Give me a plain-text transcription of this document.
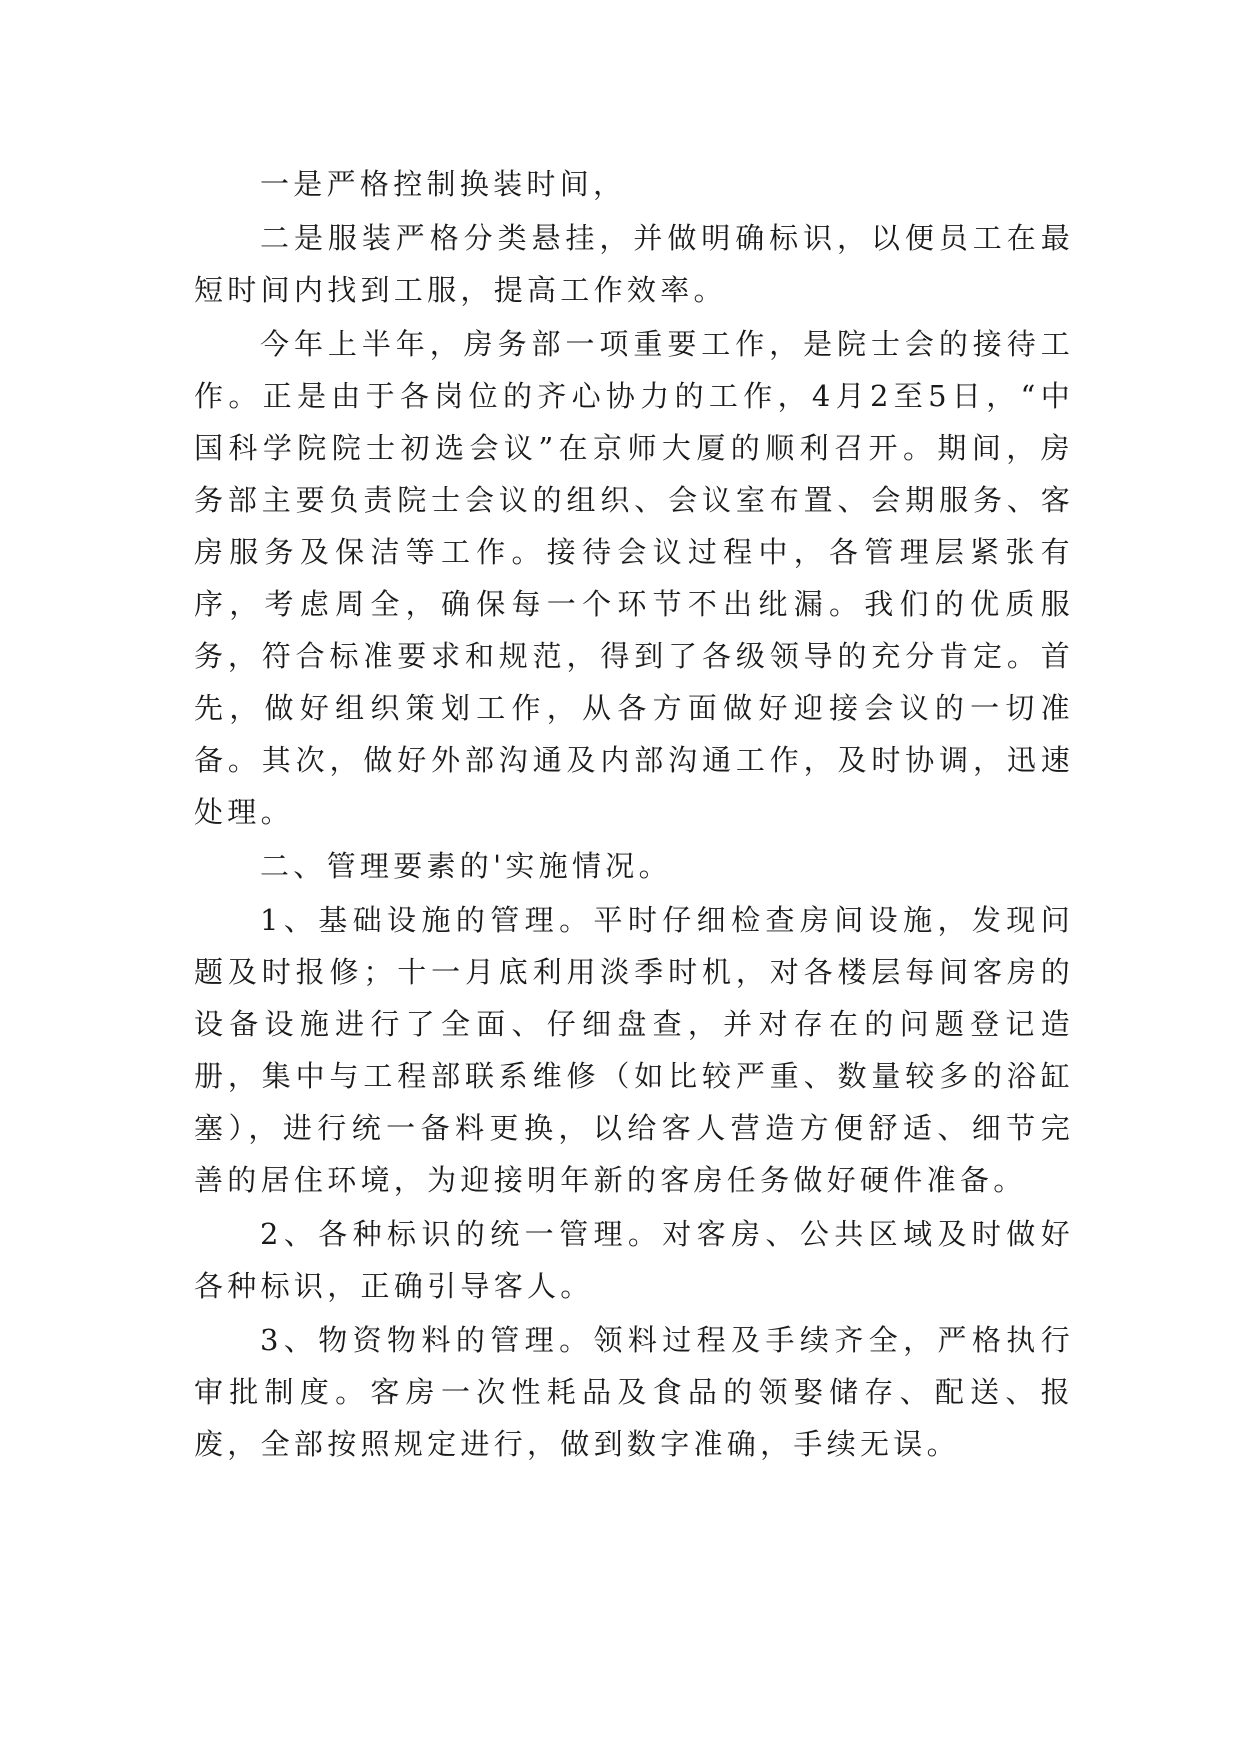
一是严格控制换装时间，

二是服装严格分类悬挂，并做明确标识，以便员工在最短时间内找到工服，提高工作效率。

今年上半年，房务部一项重要工作，是院士会的接待工作。正是由于各岗位的齐心协力的工作，4月2至5日，“中国科学院院士初选会议”在京师大厦的顺利召开。期间，房务部主要负责院士会议的组织、会议室布置、会期服务、客房服务及保洁等工作。接待会议过程中，各管理层紧张有序，考虑周全，确保每一个环节不出纰漏。我们的优质服务，符合标准要求和规范，得到了各级领导的充分肯定。首先，做好组织策划工作，从各方面做好迎接会议的一切准备。其次，做好外部沟通及内部沟通工作，及时协调，迅速处理。

二、管理要素的'实施情况。

1、基础设施的管理。平时仔细检查房间设施，发现问题及时报修；十一月底利用淡季时机，对各楼层每间客房的设备设施进行了全面、仔细盘查，并对存在的问题登记造册，集中与工程部联系维修（如比较严重、数量较多的浴缸塞），进行统一备料更换，以给客人营造方便舒适、细节完善的居住环境，为迎接明年新的客房任务做好硬件准备。

2、各种标识的统一管理。对客房、公共区域及时做好各种标识，正确引导客人。

3、物资物料的管理。领料过程及手续齐全，严格执行审批制度。客房一次性耗品及食品的领娶储存、配送、报废，全部按照规定进行，做到数字准确，手续无误。
